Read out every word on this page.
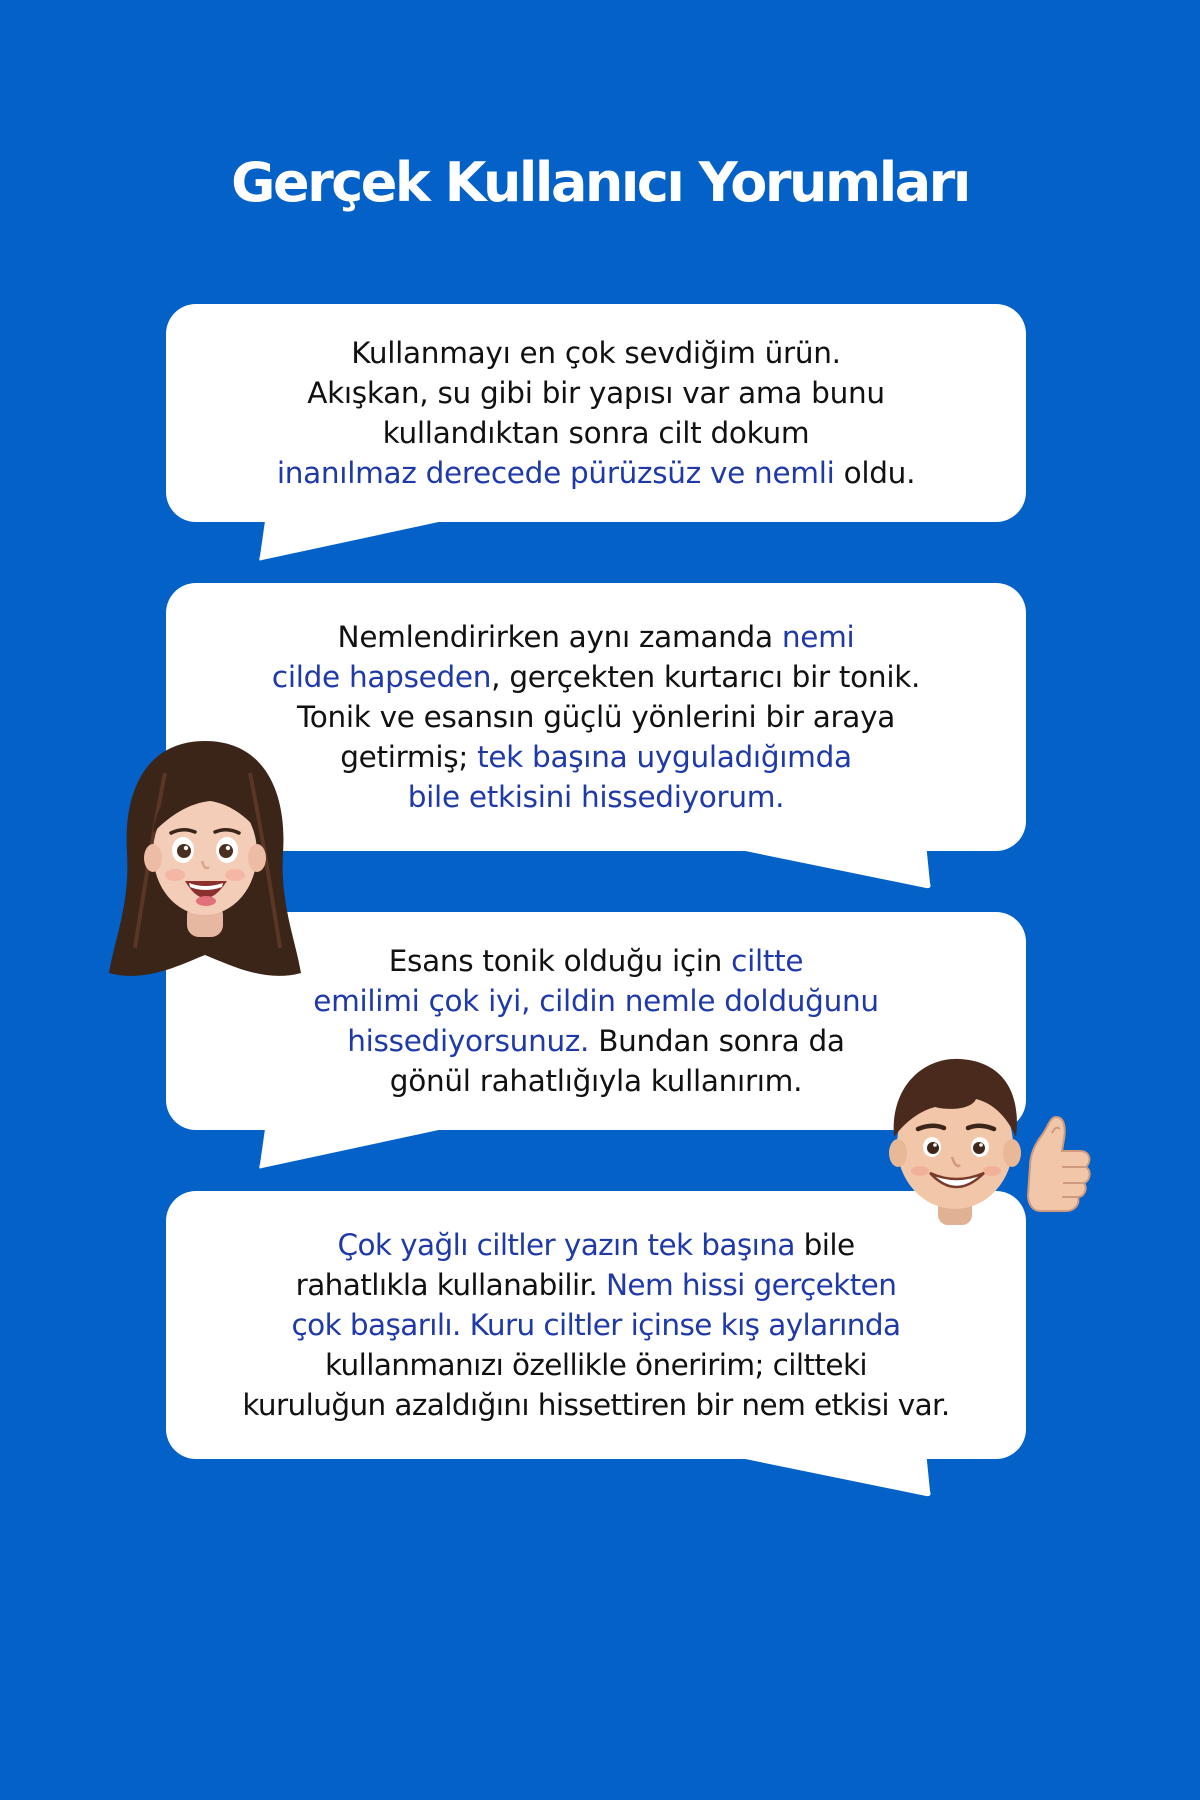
Gerçek Kullanıcı Yorumları
Kullanmayı en çok sevdiğim ürün.
Akışkan, su gibi bir yapısı var ama bunu
kullandıktan sonra cilt dokum
inanılmaz derecede pürüzsüz ve nemli oldu.
Nemlendirirken aynı zamanda nemi
cilde hapseden, gerçekten kurtarıcı bir tonik.
Tonik ve esansın güçlü yönlerini bir araya
getirmiş; tek başına uyguladığımda
bile etkisini hissediyorum.
Esans tonik olduğu için ciltte
emilimi çok iyi, cildin nemle dolduğunu
hissediyorsunuz. Bundan sonra da
gönül rahatlığıyla kullanırım.
Çok yağlı ciltler yazın tek başına bile
rahatlıkla kullanabilir. Nem hissi gerçekten
çok başarılı. Kuru ciltler içinse kış aylarında
kullanmanızı özellikle öneririm; ciltteki
kuruluğun azaldığını hissettiren bir nem etkisi var.
